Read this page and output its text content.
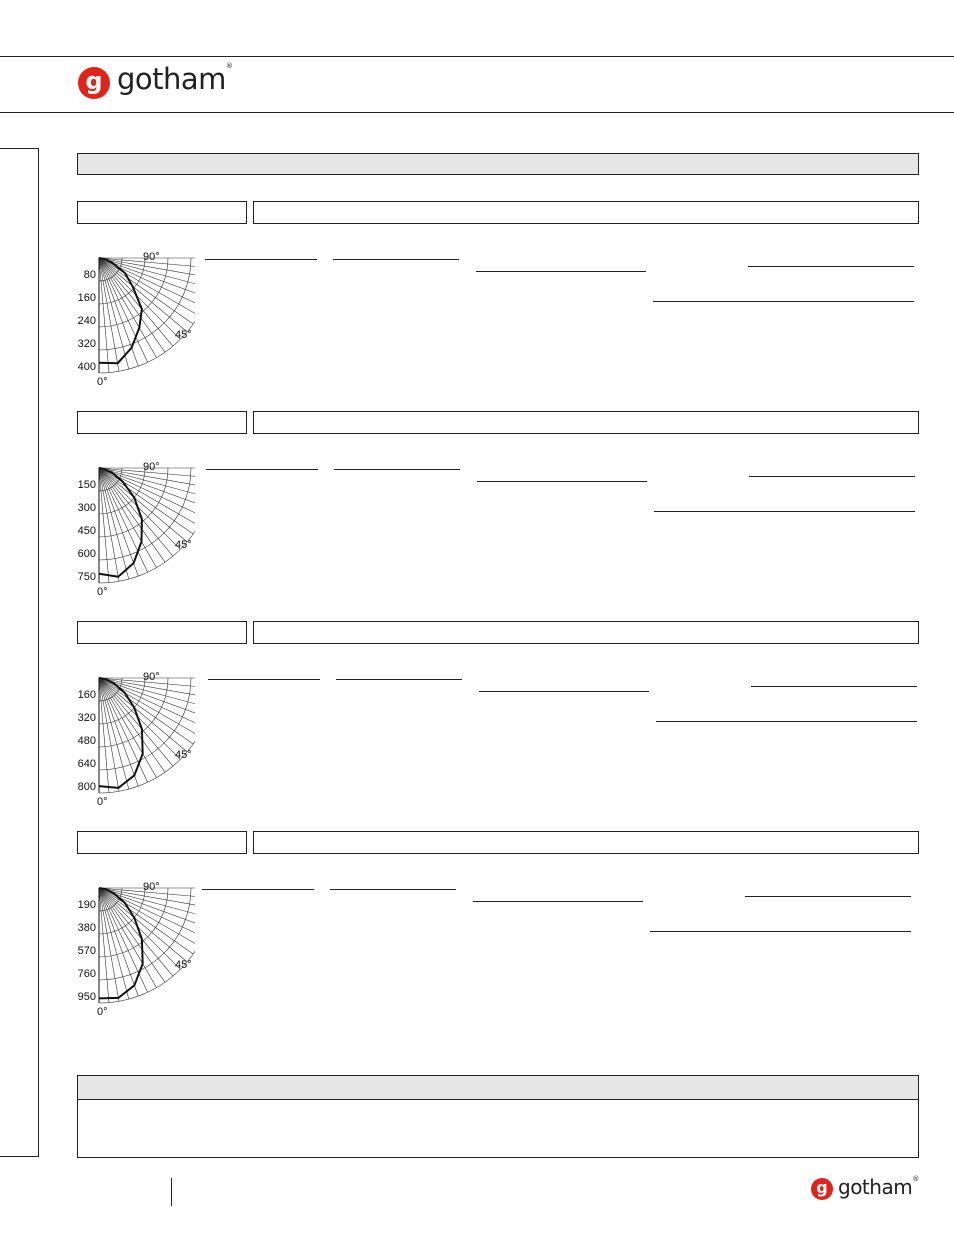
g gotham®
80
160
240
320
400
90°
45°
0°
150
300
450
600
750
90°
45°
0°
160
320
480
640
800
90°
45°
0°
190
380
570
760
950
90°
45°
0°
g gotham®
